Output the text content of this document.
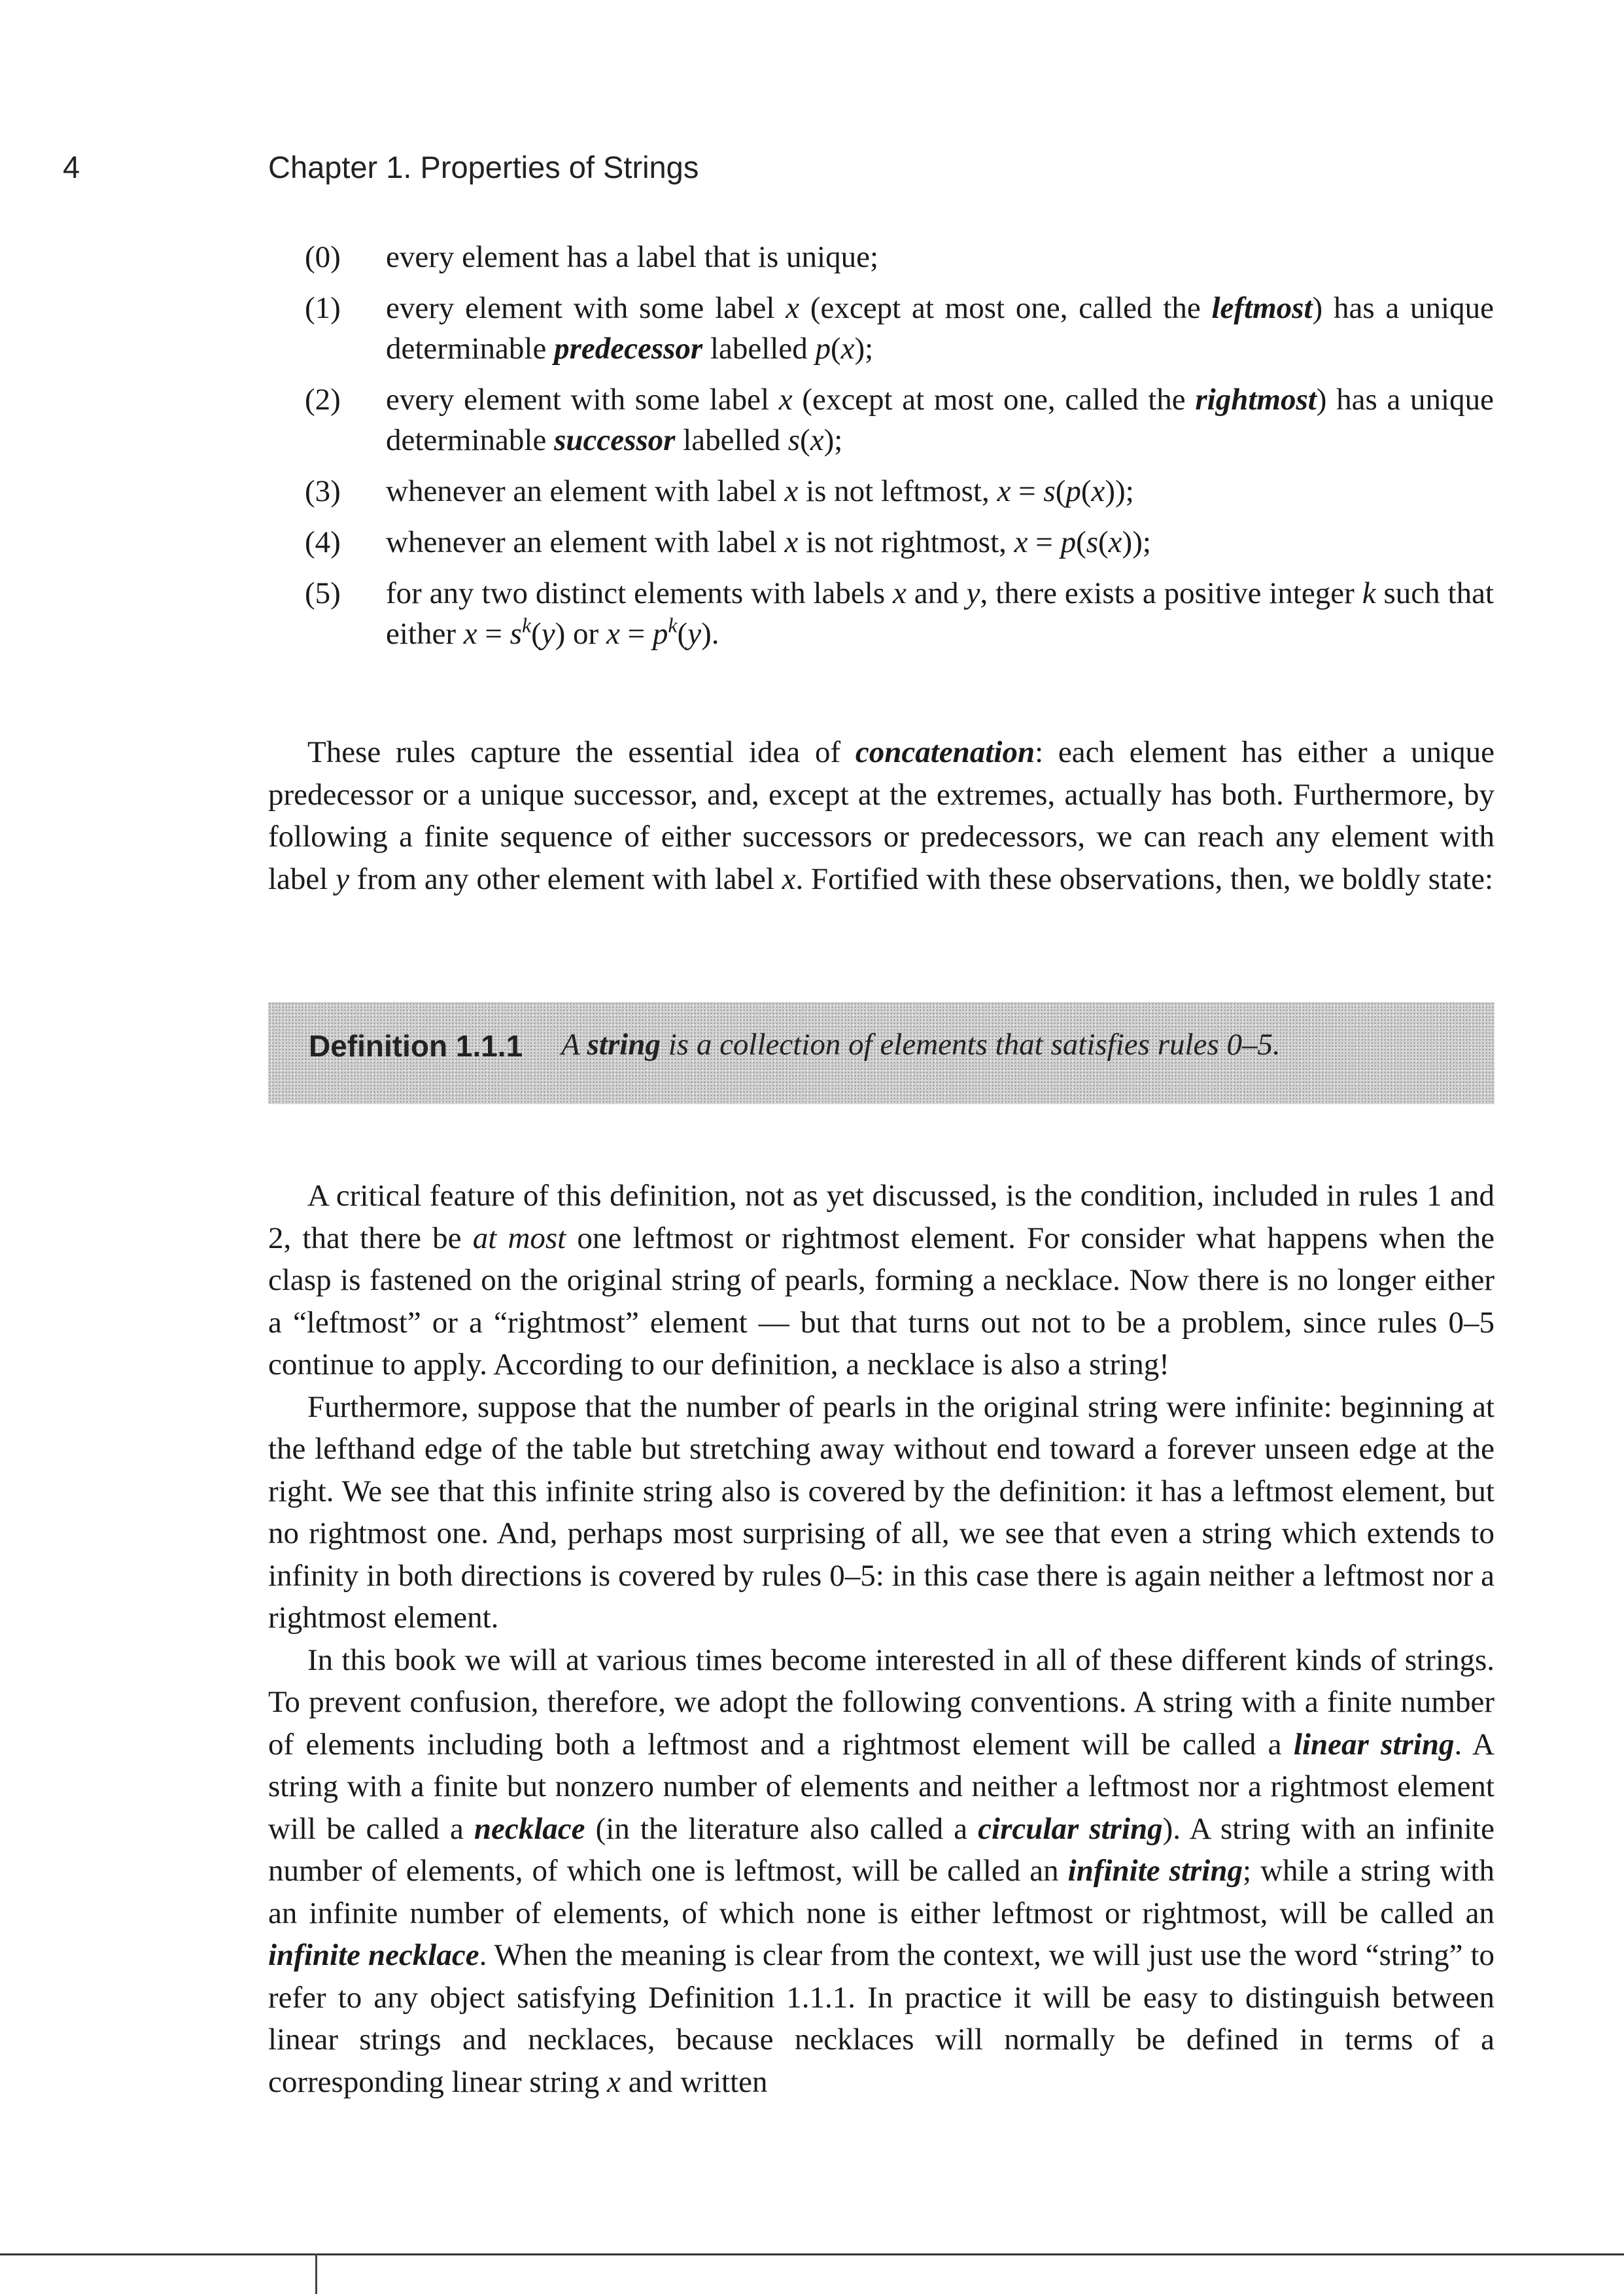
4	Chapter 1. Properties of Strings
(0) every element has a label that is unique;
(1) every element with some label x (except at most one, called the leftmost) has a unique determinable predecessor labelled p(x);
(2) every element with some label x (except at most one, called the rightmost) has a unique determinable successor labelled s(x);
(3) whenever an element with label x is not leftmost, x = s(p(x));
(4) whenever an element with label x is not rightmost, x = p(s(x));
(5) for any two distinct elements with labels x and y, there exists a positive integer k such that either $x = s^k(y)$ or $x = p^k(y)$.

These rules capture the essential idea of concatenation: each element has either a unique predecessor or a unique successor, and, except at the extremes, actually has both. Furthermore, by following a finite sequence of either successors or predecessors, we can reach any element with label y from any other element with label x. Fortified with these observations, then, we boldly state:

Definition 1.1.1 A string is a collection of elements that satisfies rules 0–5.

A critical feature of this definition, not as yet discussed, is the condition, included in rules 1 and 2, that there be at most one leftmost or rightmost element. For consider what happens when the clasp is fastened on the original string of pearls, forming a necklace. Now there is no longer either a “leftmost” or a “rightmost” element — but that turns out not to be a problem, since rules 0–5 continue to apply. According to our definition, a necklace is also a string!

Furthermore, suppose that the number of pearls in the original string were infinite: beginning at the lefthand edge of the table but stretching away without end toward a forever unseen edge at the right. We see that this infinite string also is covered by the definition: it has a leftmost element, but no rightmost one. And, perhaps most surprising of all, we see that even a string which extends to infinity in both directions is covered by rules 0–5: in this case there is again neither a leftmost nor a rightmost element.

In this book we will at various times become interested in all of these different kinds of strings. To prevent confusion, therefore, we adopt the following conventions. A string with a finite number of elements including both a leftmost and a rightmost element will be called a linear string. A string with a finite but nonzero number of elements and neither a leftmost nor a rightmost element will be called a necklace (in the literature also called a circular string). A string with an infinite number of elements, of which one is leftmost, will be called an infinite string; while a string with an infinite number of elements, of which none is either leftmost or rightmost, will be called an infinite necklace. When the meaning is clear from the context, we will just use the word “string” to refer to any object satisfying Definition 1.1.1. In practice it will be easy to distinguish between linear strings and necklaces, because necklaces will normally be defined in terms of a corresponding linear string x and written
